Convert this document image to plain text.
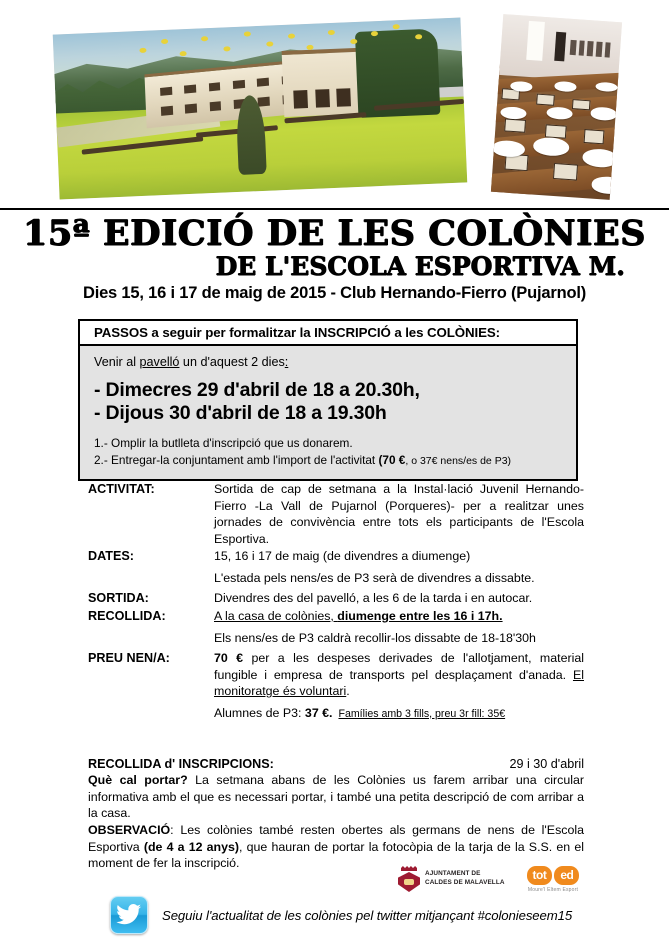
15ª EDICIÓ DE LES COLÒNIES
DE L'ESCOLA ESPORTIVA M.
Dies 15, 16 i 17 de maig de 2015 - Club Hernando-Fierro (Pujarnol)
PASSOS a seguir per formalitzar la INSCRIPCIÓ a les COLÒNIES:

Venir al pavelló un d'aquest 2 dies:

- Dimecres 29 d'abril de 18 a 20.30h,

- Dijous 30 d'abril de 18 a 19.30h

1.- Omplir la butlleta d'inscripció que us donarem.

2.- Entregar-la conjuntament amb l'import de l'activitat (70 €, o 37€ nens/es de P3)

ACTIVITAT:	Sortida de cap de setmana a la Instal·lació Juvenil Hernando-Fierro -La Vall de Pujarnol (Porqueres)- per a realitzar unes jornades de convivència entre tots els participants de l'Escola Esportiva.
DATES:	15, 16 i 17 de maig (de divendres a diumenge)
L'estada pels nens/es de P3 serà de divendres a dissabte.
SORTIDA:	Divendres des del pavelló, a les 6 de la tarda i en autocar.
RECOLLIDA:	A la casa de colònies, diumenge entre les 16 i 17h.
Els nens/es de P3 caldrà recollir-los dissabte de 18-18'30h
PREU NEN/A:	70 € per a les despeses derivades de l'allotjament, material fungible i empresa de transports pel desplaçament d'anada. El monitoratge és voluntari.
Alumnes de P3: 37 €. Famílies amb 3 fills, preu 3r fill: 35€
RECOLLIDA d' INSCRIPCIONS:	29 i 30 d'abril
Què cal portar? La setmana abans de les Colònies us farem arribar una circular informativa amb el que es necessari portar, i també una petita descripció de com arribar a la casa.
OBSERVACIÓ: Les colònies també resten obertes als germans de nens de l'Escola Esportiva (de 4 a 12 anys), que hauran de portar la fotocòpia de la tarja de la S.S. en el moment de fer la inscripció.
AJUNTAMENT DE
CALDES DE MALAVELLA
tot	ed
Moure'l Eltem Esport
Seguiu l'actualitat de les colònies pel twitter mitjançant #colonieseem15
